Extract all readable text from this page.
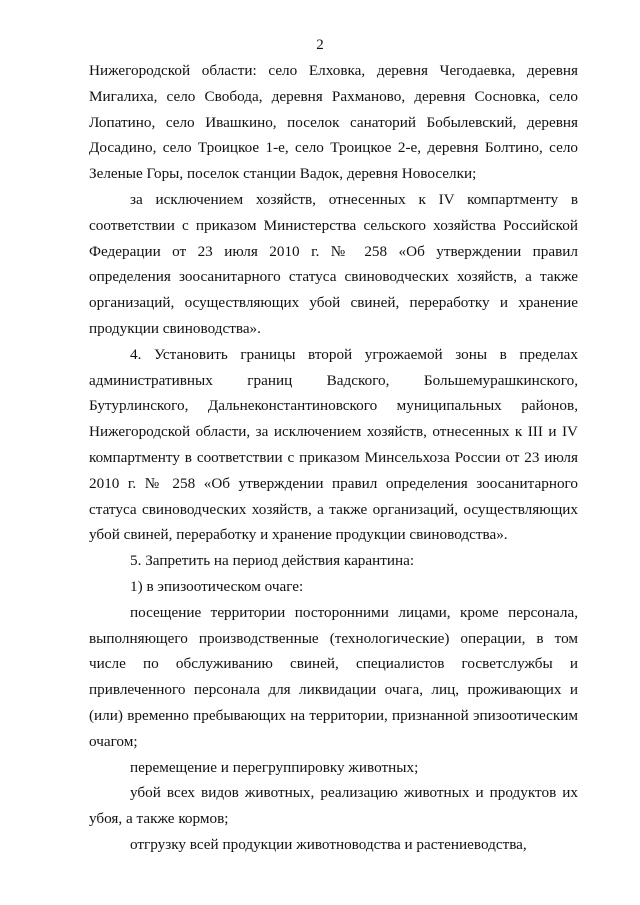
2

Нижегородской области: село Елховка, деревня Чегодаевка, деревня Мигалиха, село Свобода, деревня Рахманово, деревня Сосновка, село Лопатино, село Ивашкино, поселок санаторий Бобылевский, деревня Досадино, село Троицкое 1-е, село Троицкое 2-е, деревня Болтино, село Зеленые Горы, поселок станции Вадок, деревня Новоселки;

за исключением хозяйств, отнесенных к IV компартменту в соответствии с приказом Министерства сельского хозяйства Российской Федерации от 23 июля 2010 г. № 258 «Об утверждении правил определения зоосанитарного статуса свиноводческих хозяйств, а также организаций, осуществляющих убой свиней, переработку и хранение продукции свиноводства».

4. Установить границы второй угрожаемой зоны в пределах административных границ Вадского, Большемурашкинского, Бутурлинского, Дальнеконстантиновского муниципальных районов, Нижегородской области, за исключением хозяйств, отнесенных к III и IV компартменту в соответствии с приказом Минсельхоза России от 23 июля 2010 г. № 258 «Об утверждении правил определения зоосанитарного статуса свиноводческих хозяйств, а также организаций, осуществляющих убой свиней, переработку и хранение продукции свиноводства».

5. Запретить на период действия карантина:

1) в эпизоотическом очаге:

посещение территории посторонними лицами, кроме персонала, выполняющего производственные (технологические) операции, в том числе по обслуживанию свиней, специалистов госветслужбы и привлеченного персонала для ликвидации очага, лиц, проживающих и (или) временно пребывающих на территории, признанной эпизоотическим очагом;

перемещение и перегруппировку животных;

убой всех видов животных, реализацию животных и продуктов их убоя, а также кормов;

отгрузку всей продукции животноводства и растениеводства,
